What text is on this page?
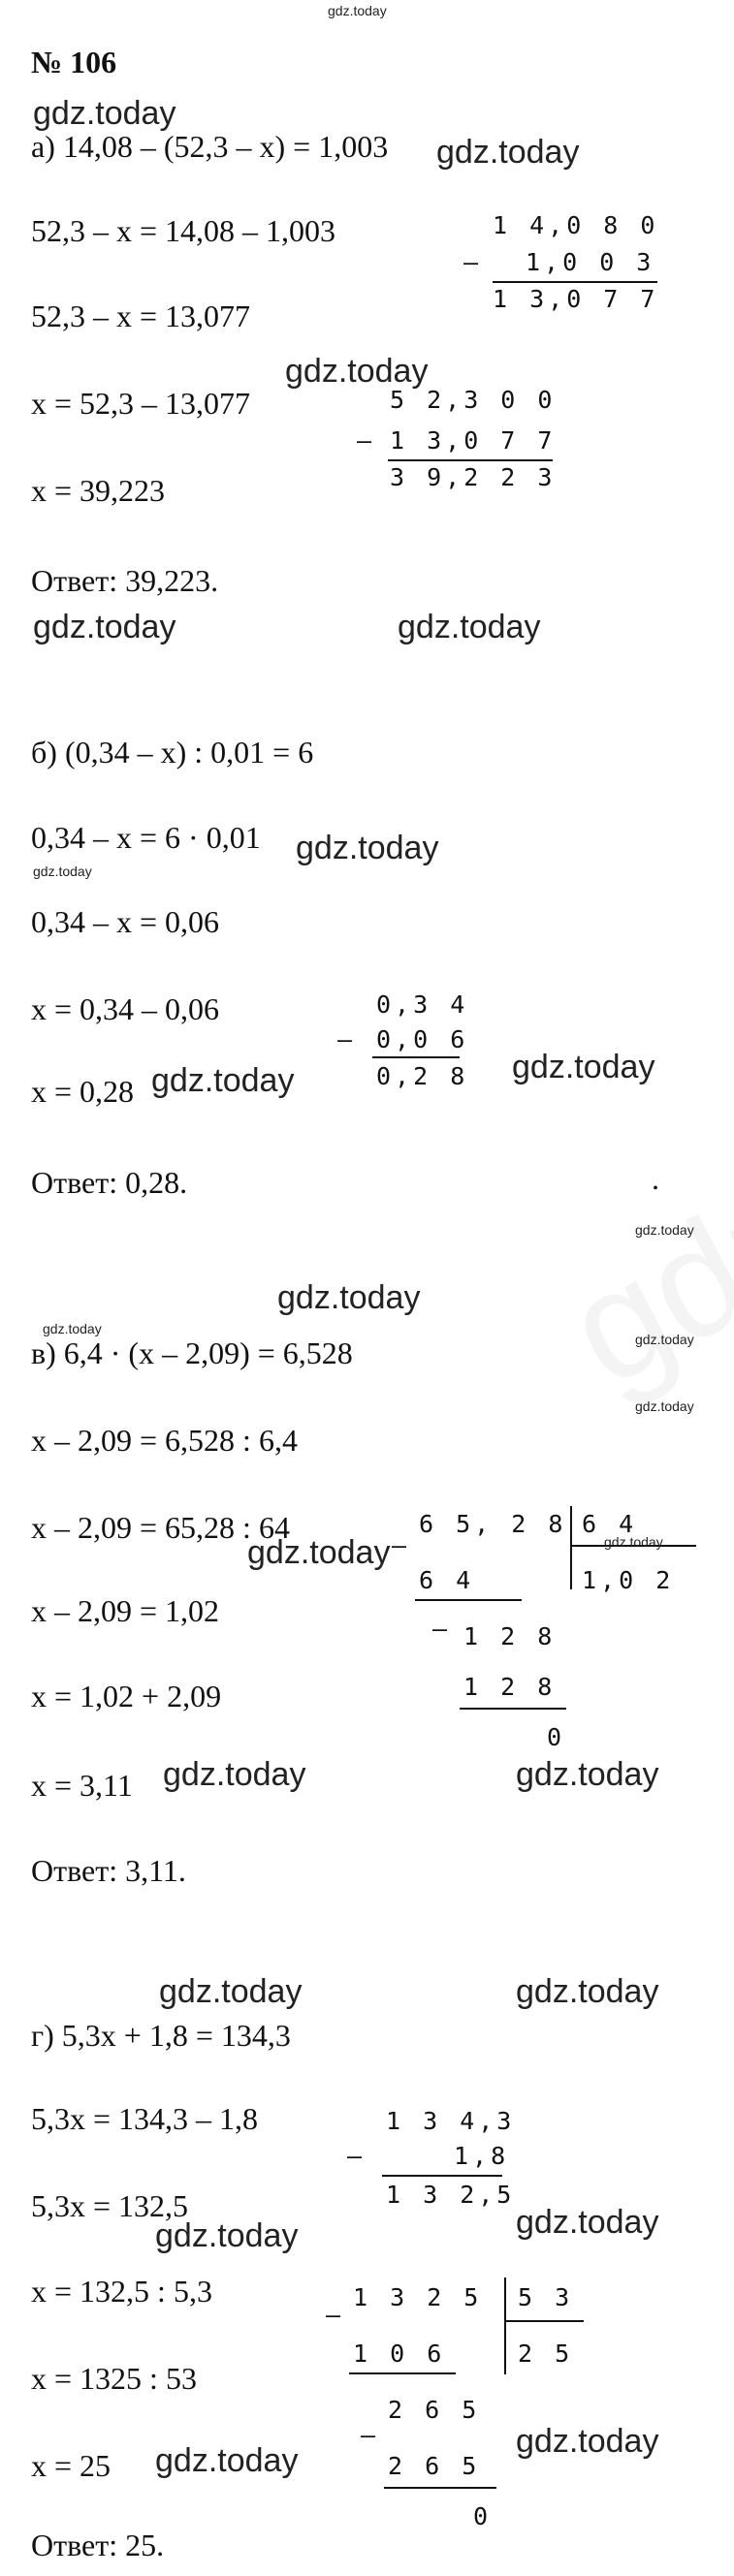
gdz.today
№ 106
gdz.today
а) 14,08 – (52,3 – x) = 1,003 gdz.today
52,3 – x = 14,08 – 1,003	1 4,0 8 0
– 1,0 0 3
1 3,0 7 7
52,3 – x = 13,077
gdz.today
x = 52,3 – 13,077	5 2,3 0 0
– 1 3,0 7 7
3 9,2 2 3
x = 39,223
Ответ: 39,223.
gdz.today	gdz.today
б) (0,34 – x) : 0,01 = 6
0,34 – x = 6 · 0,01 gdz.today
gdz.today
0,34 – x = 0,06
x = 0,34 – 0,06	0,3 4
– 0,0 6
0,2 8
x = 0,28 gdz.today	gdz.today
Ответ: 0,28.	.
gdz.today
gdz.today
gdz.today
gdz.today
в) 6,4 · (x – 2,09) = 6,528
gdz.today
x – 2,09 = 6,528 : 6,4
x – 2,09 = 65,28 : 64	6 5, 2 8 6 4
gdz.today
1,0 2
–
gdz.today
6 4
– 1 2 8
1 2 8
0
x – 2,09 = 1,02
x = 1,02 + 2,09
x = 3,11 gdz.today	gdz.today
Ответ: 3,11.
gdz.today	gdz.today
г) 5,3x + 1,8 = 134,3
5,3x = 134,3 – 1,8	1 3 4,3
–	1,8
1 3 2,5
5,3x = 132,5
gdz.today	gdz.today
x = 132,5 : 5,3	1 3 2 5 5 3
2 5
–
1 0 6
x = 1325 : 53
–
2 6 5
2 6 5
0
x = 25 gdz.today
gdz.today
Ответ: 25.
